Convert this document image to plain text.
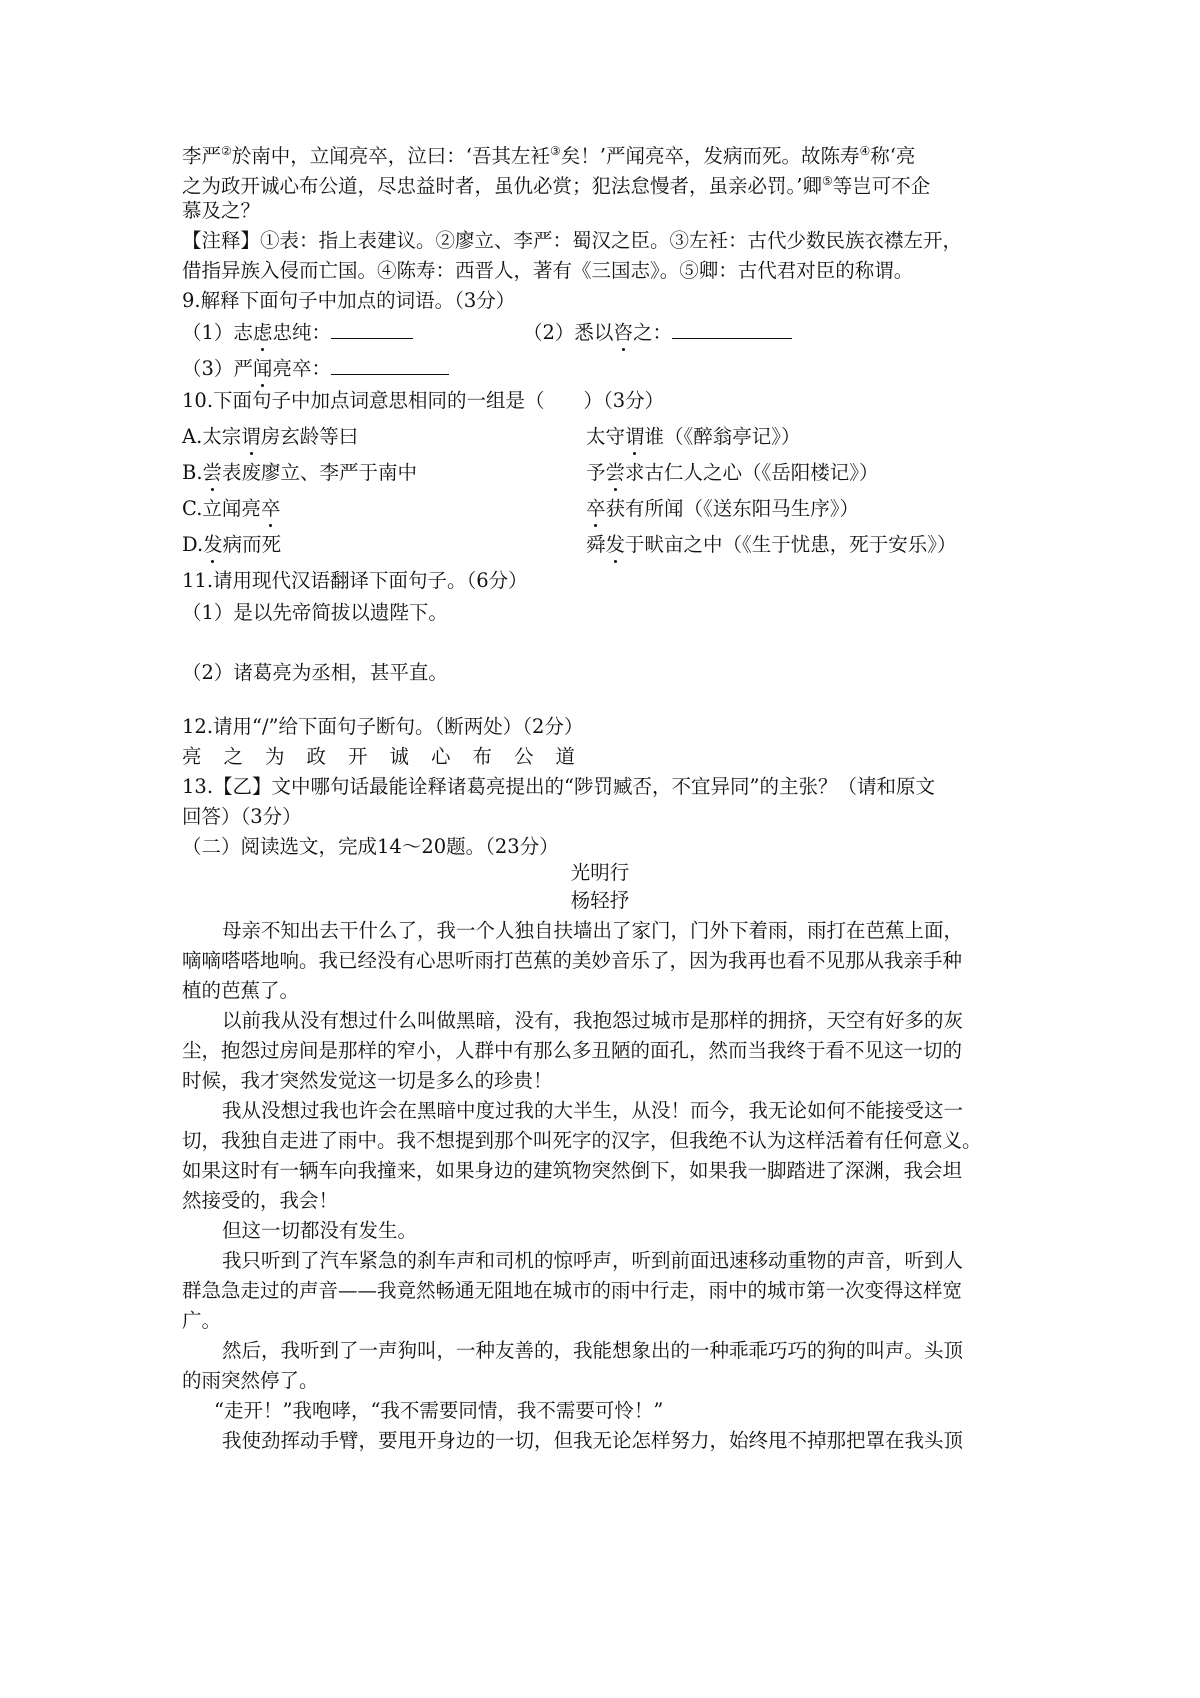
李严②於南中，立闻亮卒，泣曰：‘吾其左衽③矣！’严闻亮卒，发病而死。故陈寿④称‘亮
之为政开诚心布公道，尽忠益时者，虽仇必赏；犯法怠慢者，虽亲必罚。’卿⑤等岂可不企
慕及之？
【注释】①表：指上表建议。②廖立、李严：蜀汉之臣。③左衽：古代少数民族衣襟左开，
借指异族入侵而亡国。④陈寿：西晋人，著有《三国志》。⑤卿：古代君对臣的称谓。
9.解释下面句子中加点的词语。（3分）
（1）志虑忠纯：	（2）悉以咨之：
（3）严闻亮卒：
10.下面句子中加点词意思相同的一组是（　　）（3分）
A.太宗谓房玄龄等曰	太守谓谁（《醉翁亭记》）
B.尝表废廖立、李严于南中	予尝求古仁人之心（《岳阳楼记》）
C.立闻亮卒	卒获有所闻（《送东阳马生序》）
D.发病而死	舜发于畎亩之中（《生于忧患，死于安乐》）
11.请用现代汉语翻译下面句子。（6分）
（1）是以先帝简拔以遗陛下。
（2）诸葛亮为丞相，甚平直。
12.请用“/”给下面句子断句。（断两处）（2分）
亮之为政开诚心布公道
13.【乙】文中哪句话最能诠释诸葛亮提出的“陟罚臧否，不宜异同”的主张？（请和原文
回答）（3分）
（二）阅读选文，完成14～20题。（23分）
光明行
杨轻抒
母亲不知出去干什么了，我一个人独自扶墙出了家门，门外下着雨，雨打在芭蕉上面，
嘀嘀嗒嗒地响。我已经没有心思听雨打芭蕉的美妙音乐了，因为我再也看不见那从我亲手种
植的芭蕉了。
以前我从没有想过什么叫做黑暗，没有，我抱怨过城市是那样的拥挤，天空有好多的灰
尘，抱怨过房间是那样的窄小，人群中有那么多丑陋的面孔，然而当我终于看不见这一切的
时候，我才突然发觉这一切是多么的珍贵！
我从没想过我也许会在黑暗中度过我的大半生，从没！而今，我无论如何不能接受这一
切，我独自走进了雨中。我不想提到那个叫死字的汉字，但我绝不认为这样活着有任何意义。
如果这时有一辆车向我撞来，如果身边的建筑物突然倒下，如果我一脚踏进了深渊，我会坦
然接受的，我会！
但这一切都没有发生。
我只听到了汽车紧急的刹车声和司机的惊呼声，听到前面迅速移动重物的声音，听到人
群急急走过的声音——我竟然畅通无阻地在城市的雨中行走，雨中的城市第一次变得这样宽
广。
然后，我听到了一声狗叫，一种友善的，我能想象出的一种乖乖巧巧的狗的叫声。头顶
的雨突然停了。
“走开！”我咆哮，“我不需要同情，我不需要可怜！”
我使劲挥动手臂，要甩开身边的一切，但我无论怎样努力，始终甩不掉那把罩在我头顶
